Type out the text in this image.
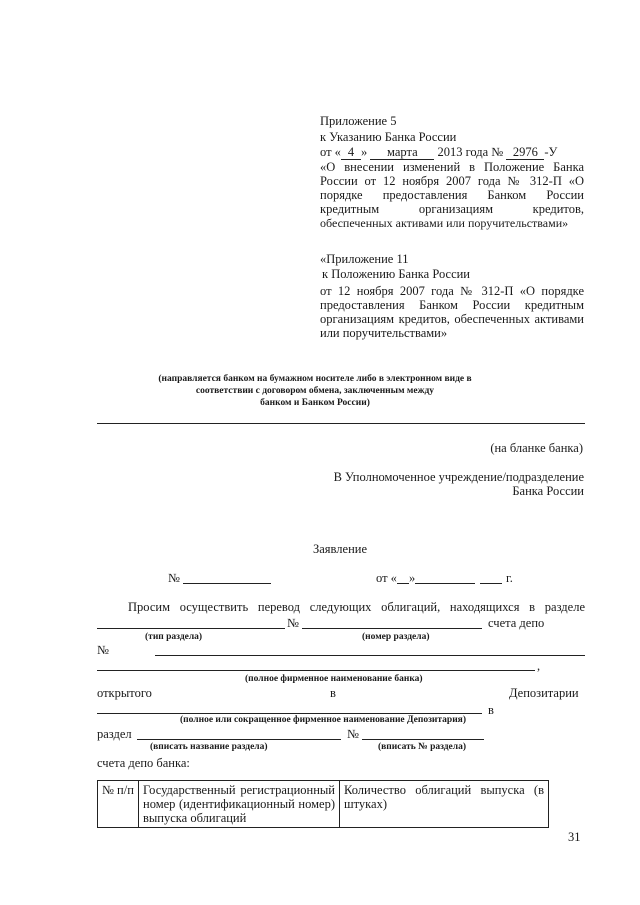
Приложение 5
к Указанию Банка России
от « 4 » марта 2013 года № 2976 -У
«О внесении изменений в Положение Банка
России от 12 ноября 2007 года № 312-П «О
порядке предоставления Банком России
кредитным организациям кредитов,
обеспеченных активами или поручительствами»
«Приложение 11
к Положению Банка России
от 12 ноября 2007 года № 312-П «О порядке
предоставления Банком России кредитным
организациям кредитов, обеспеченных активами
или поручительствами»
(направляется банком на бумажном носителе либо в электронном виде в
соответствии с договором обмена, заключенным между
банком и Банком России)
(на бланке банка)
В Уполномоченное учреждение/подразделение
Банка России
Заявление
№	от « »	г.
Просим осуществить перевод следующих облигаций, находящихся в разделе
№	счета депо
(тип раздела)	(номер раздела)
№
,
(полное фирменное наименование банка)
открытого	в	Депозитарии
в
(полное или сокращенное фирменное наименование Депозитария)
раздел	№
(вписать название раздела)	(вписать № раздела)
счета депо банка:
№ п/п	Государственный регистрационный номер (идентификационный номер) выпуска облигаций	Количество облигаций выпуска (в штуках)
31
